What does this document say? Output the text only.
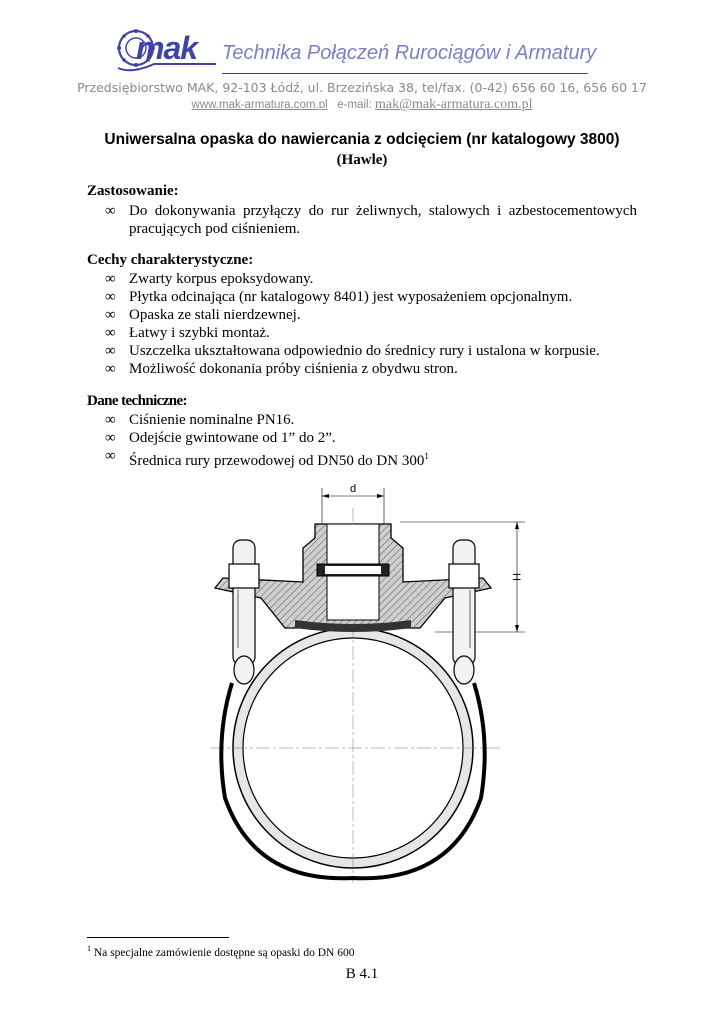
mak Technika Połączeń Rurociągów i Armatury
Przedsiębiorstwo MAK, 92-103 Łódź, ul. Brzezińska 38, tel/fax. (0-42) 656 60 16, 656 60 17
www.mak-armatura.com.pl e-mail: mak@mak-armatura.com.pl
Uniwersalna opaska do nawiercania z odcięciem (nr katalogowy 3800)
(Hawle)
Zastosowanie:
∞ Do dokonywania przyłączy do rur żeliwnych, stalowych i azbestocementowych pracujących pod ciśnieniem.
Cechy charakterystyczne:
∞ Zwarty korpus epoksydowany.
∞ Płytka odcinająca (nr katalogowy 8401) jest wyposażeniem opcjonalnym.
∞ Opaska ze stali nierdzewnej.
∞ Łatwy i szybki montaż.
∞ Uszczelka ukształtowana odpowiednio do średnicy rury i ustalona w korpusie.
∞ Możliwość dokonania próby ciśnienia z obydwu stron.
Dane techniczne:
∞ Ciśnienie nominalne PN16.
∞ Odejście gwintowane od 1” do 2”.
∞ Średnica rury przewodowej od DN50 do DN $300^1$
d
H
$^1$ Na specjalne zamówienie dostępne są opaski do DN 600
B 4.1
